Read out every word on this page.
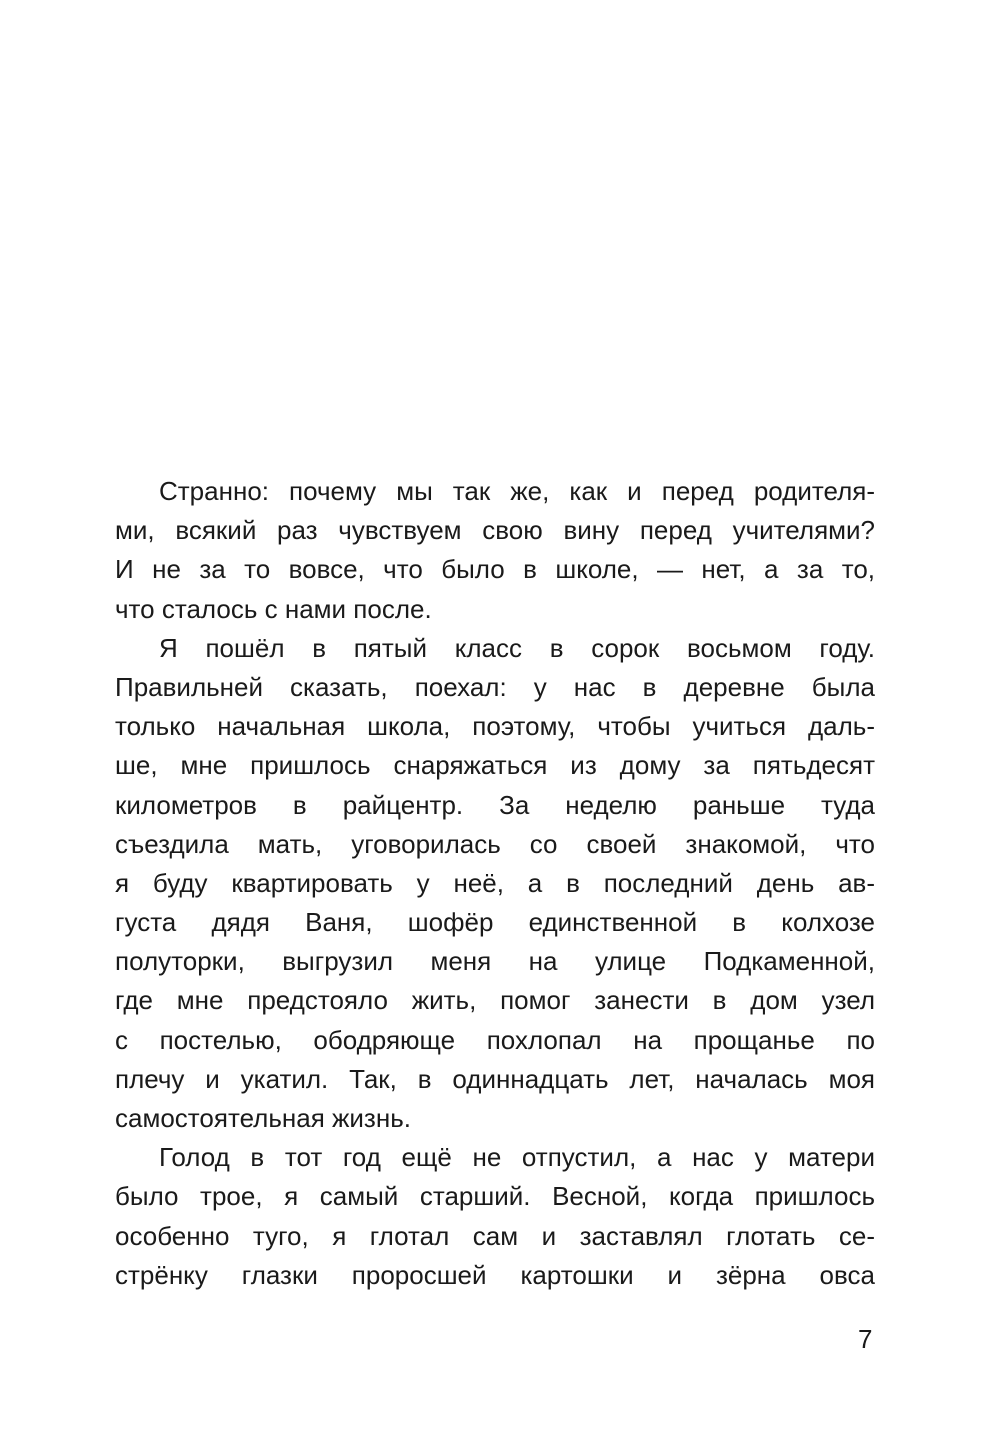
Странно: почему мы так же, как и перед родителя-
ми, всякий раз чувствуем свою вину перед учителями?
И не за то вовсе, что было в школе, — нет, а за то,
что сталось с нами после.
Я пошёл в пятый класс в сорок восьмом году.
Правильней сказать, поехал: у нас в деревне была
только начальная школа, поэтому, чтобы учиться даль-
ше, мне пришлось снаряжаться из дому за пятьдесят
километров в райцентр. За неделю раньше туда
съездила мать, уговорилась со своей знакомой, что
я буду квартировать у неё, а в последний день ав-
густа дядя Ваня, шофёр единственной в колхозе
полуторки, выгрузил меня на улице Подкаменной,
где мне предстояло жить, помог занести в дом узел
с постелью, ободряюще похлопал на прощанье по
плечу и укатил. Так, в одиннадцать лет, началась моя
самостоятельная жизнь.
Голод в тот год ещё не отпустил, а нас у матери
было трое, я самый старший. Весной, когда пришлось
особенно туго, я глотал сам и заставлял глотать се-
стрёнку глазки проросшей картошки и зёрна овса
7
